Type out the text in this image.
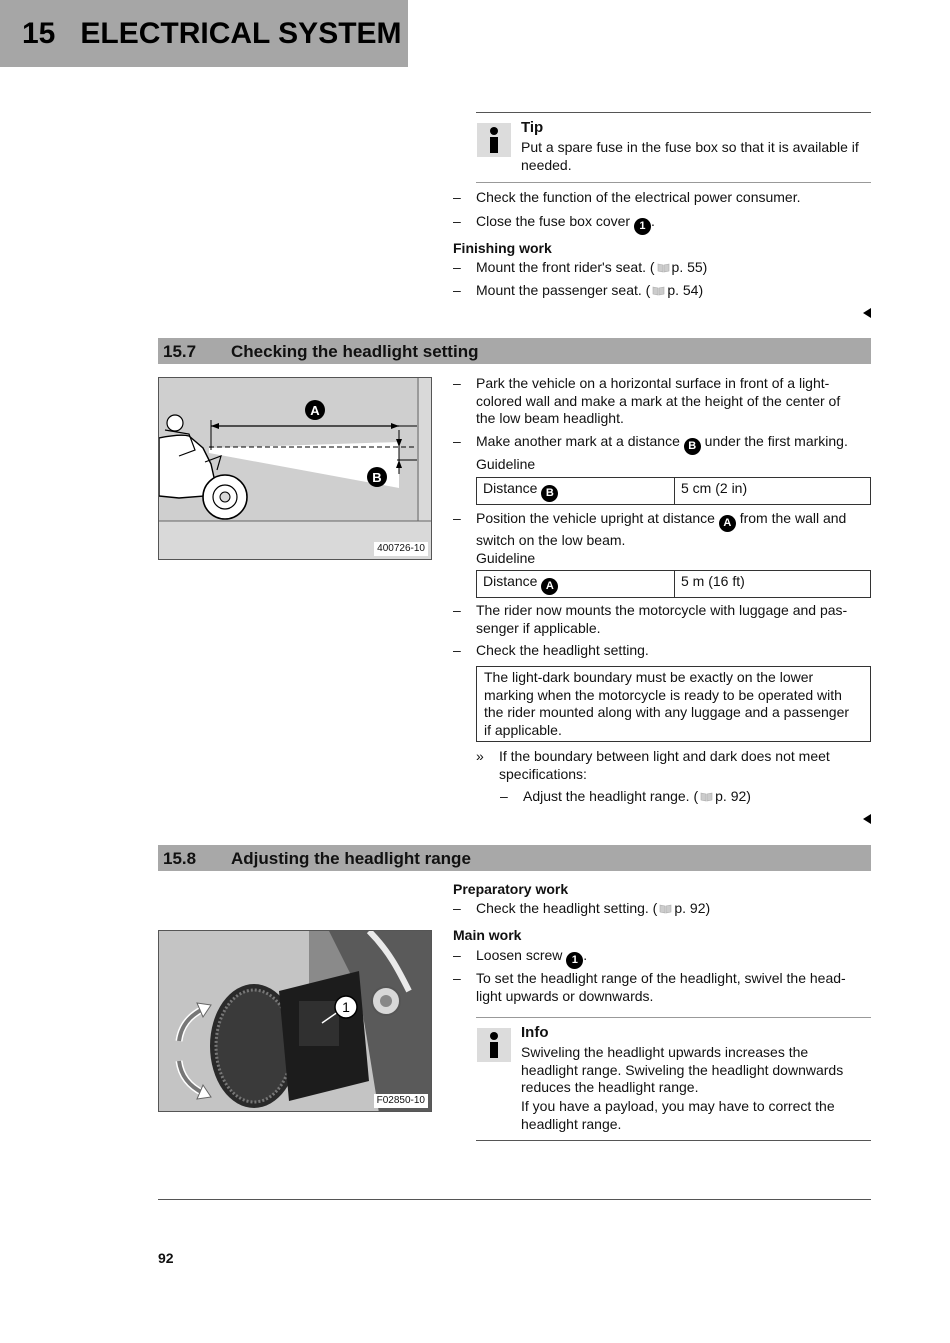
15 ELECTRICAL SYSTEM
Tip
Put a spare fuse in the fuse box so that it is available if needed.
– Check the function of the electrical power consumer.
– Close the fuse box cover 1 .
Finishing work
– Mount the front rider's seat. ( p. 55)
– Mount the passenger seat. ( p. 54)
15.7 Checking the headlight setting
A
B
400726-10
– Park the vehicle on a horizontal surface in front of a light-
colored wall and make a mark at the height of the center of
the low beam headlight.
– Make another mark at a distance B under the first marking.
Guideline
Distance B	5 cm (2 in)
– Position the vehicle upright at distance A from the wall and
switch on the low beam.
Guideline
Distance A	5 m (16 ft)
– The rider now mounts the motorcycle with luggage and pas-
senger if applicable.
– Check the headlight setting.
The light-dark boundary must be exactly on the lower
marking when the motorcycle is ready to be operated with
the rider mounted along with any luggage and a passenger
if applicable.
» If the boundary between light and dark does not meet
specifications:
– Adjust the headlight range. ( p. 92)
15.8 Adjusting the headlight range
Preparatory work
– Check the headlight setting. ( p. 92)
1
F02850-10
Main work
– Loosen screw 1 .
– To set the headlight range of the headlight, swivel the head-
light upwards or downwards.
Info
Swiveling the headlight upwards increases the
headlight range. Swiveling the headlight downwards
reduces the headlight range.
If you have a payload, you may have to correct the
headlight range.
92
